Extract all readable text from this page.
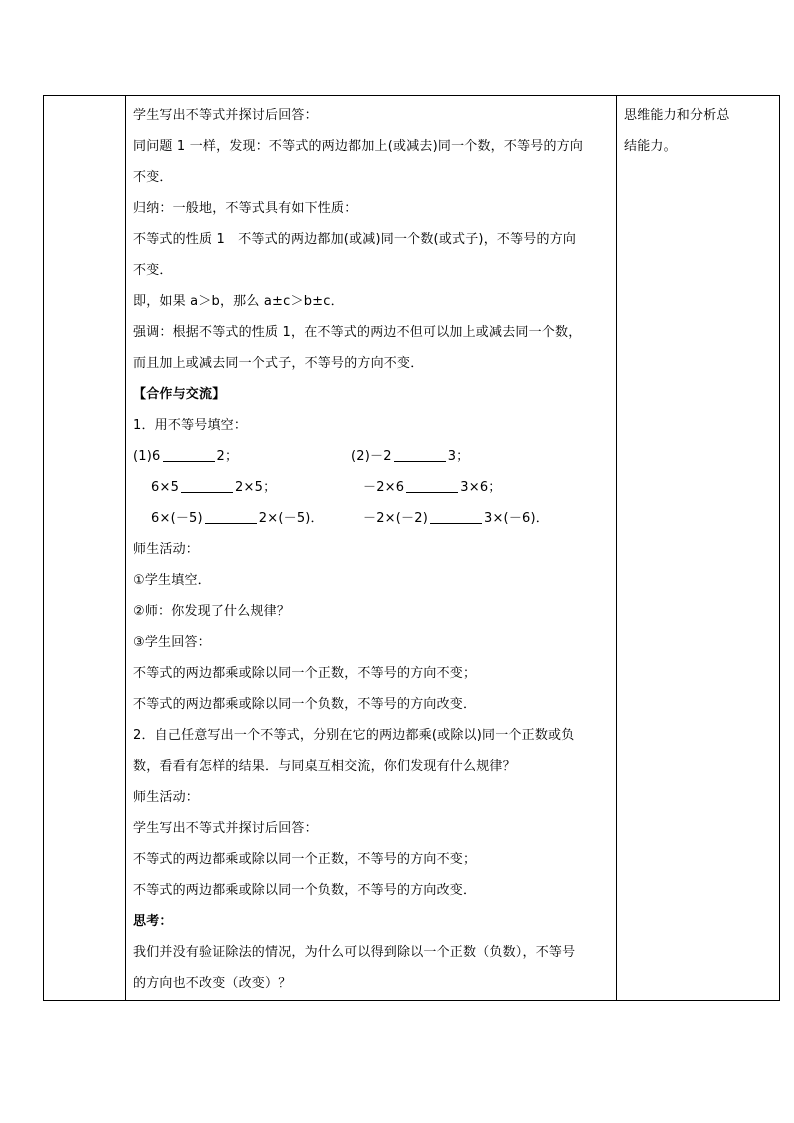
学生写出不等式并探讨后回答：
同问题 1 一样，发现：不等式的两边都加上(或减去)同一个数，不等号的方向
不变．
归纳：一般地，不等式具有如下性质：
不等式的性质 1　不等式的两边都加(或减)同一个数(或式子)，不等号的方向
不变．
即，如果 a＞b，那么 a±c＞b±c．
强调：根据不等式的性质 1，在不等式的两边不但可以加上或减去同一个数，
而且加上或减去同一个式子，不等号的方向不变．
【合作与交流】
1．用不等号填空：
(1)6	2；	(2)－2	3；
6×5	2×5；	－2×6	3×6；
6×(－5)	2×(－5)．	－2×(－2)	3×(－6)．
师生活动：
①学生填空．
②师：你发现了什么规律？
③学生回答：
不等式的两边都乘或除以同一个正数，不等号的方向不变；
不等式的两边都乘或除以同一个负数，不等号的方向改变．
2．自己任意写出一个不等式，分别在它的两边都乘(或除以)同一个正数或负
数，看看有怎样的结果．与同桌互相交流，你们发现有什么规律？
师生活动：
学生写出不等式并探讨后回答：
不等式的两边都乘或除以同一个正数，不等号的方向不变；
不等式的两边都乘或除以同一个负数，不等号的方向改变．
思考：
我们并没有验证除法的情况，为什么可以得到除以一个正数（负数），不等号
的方向也不改变（改变）？
思维能力和分析总
结能力。
